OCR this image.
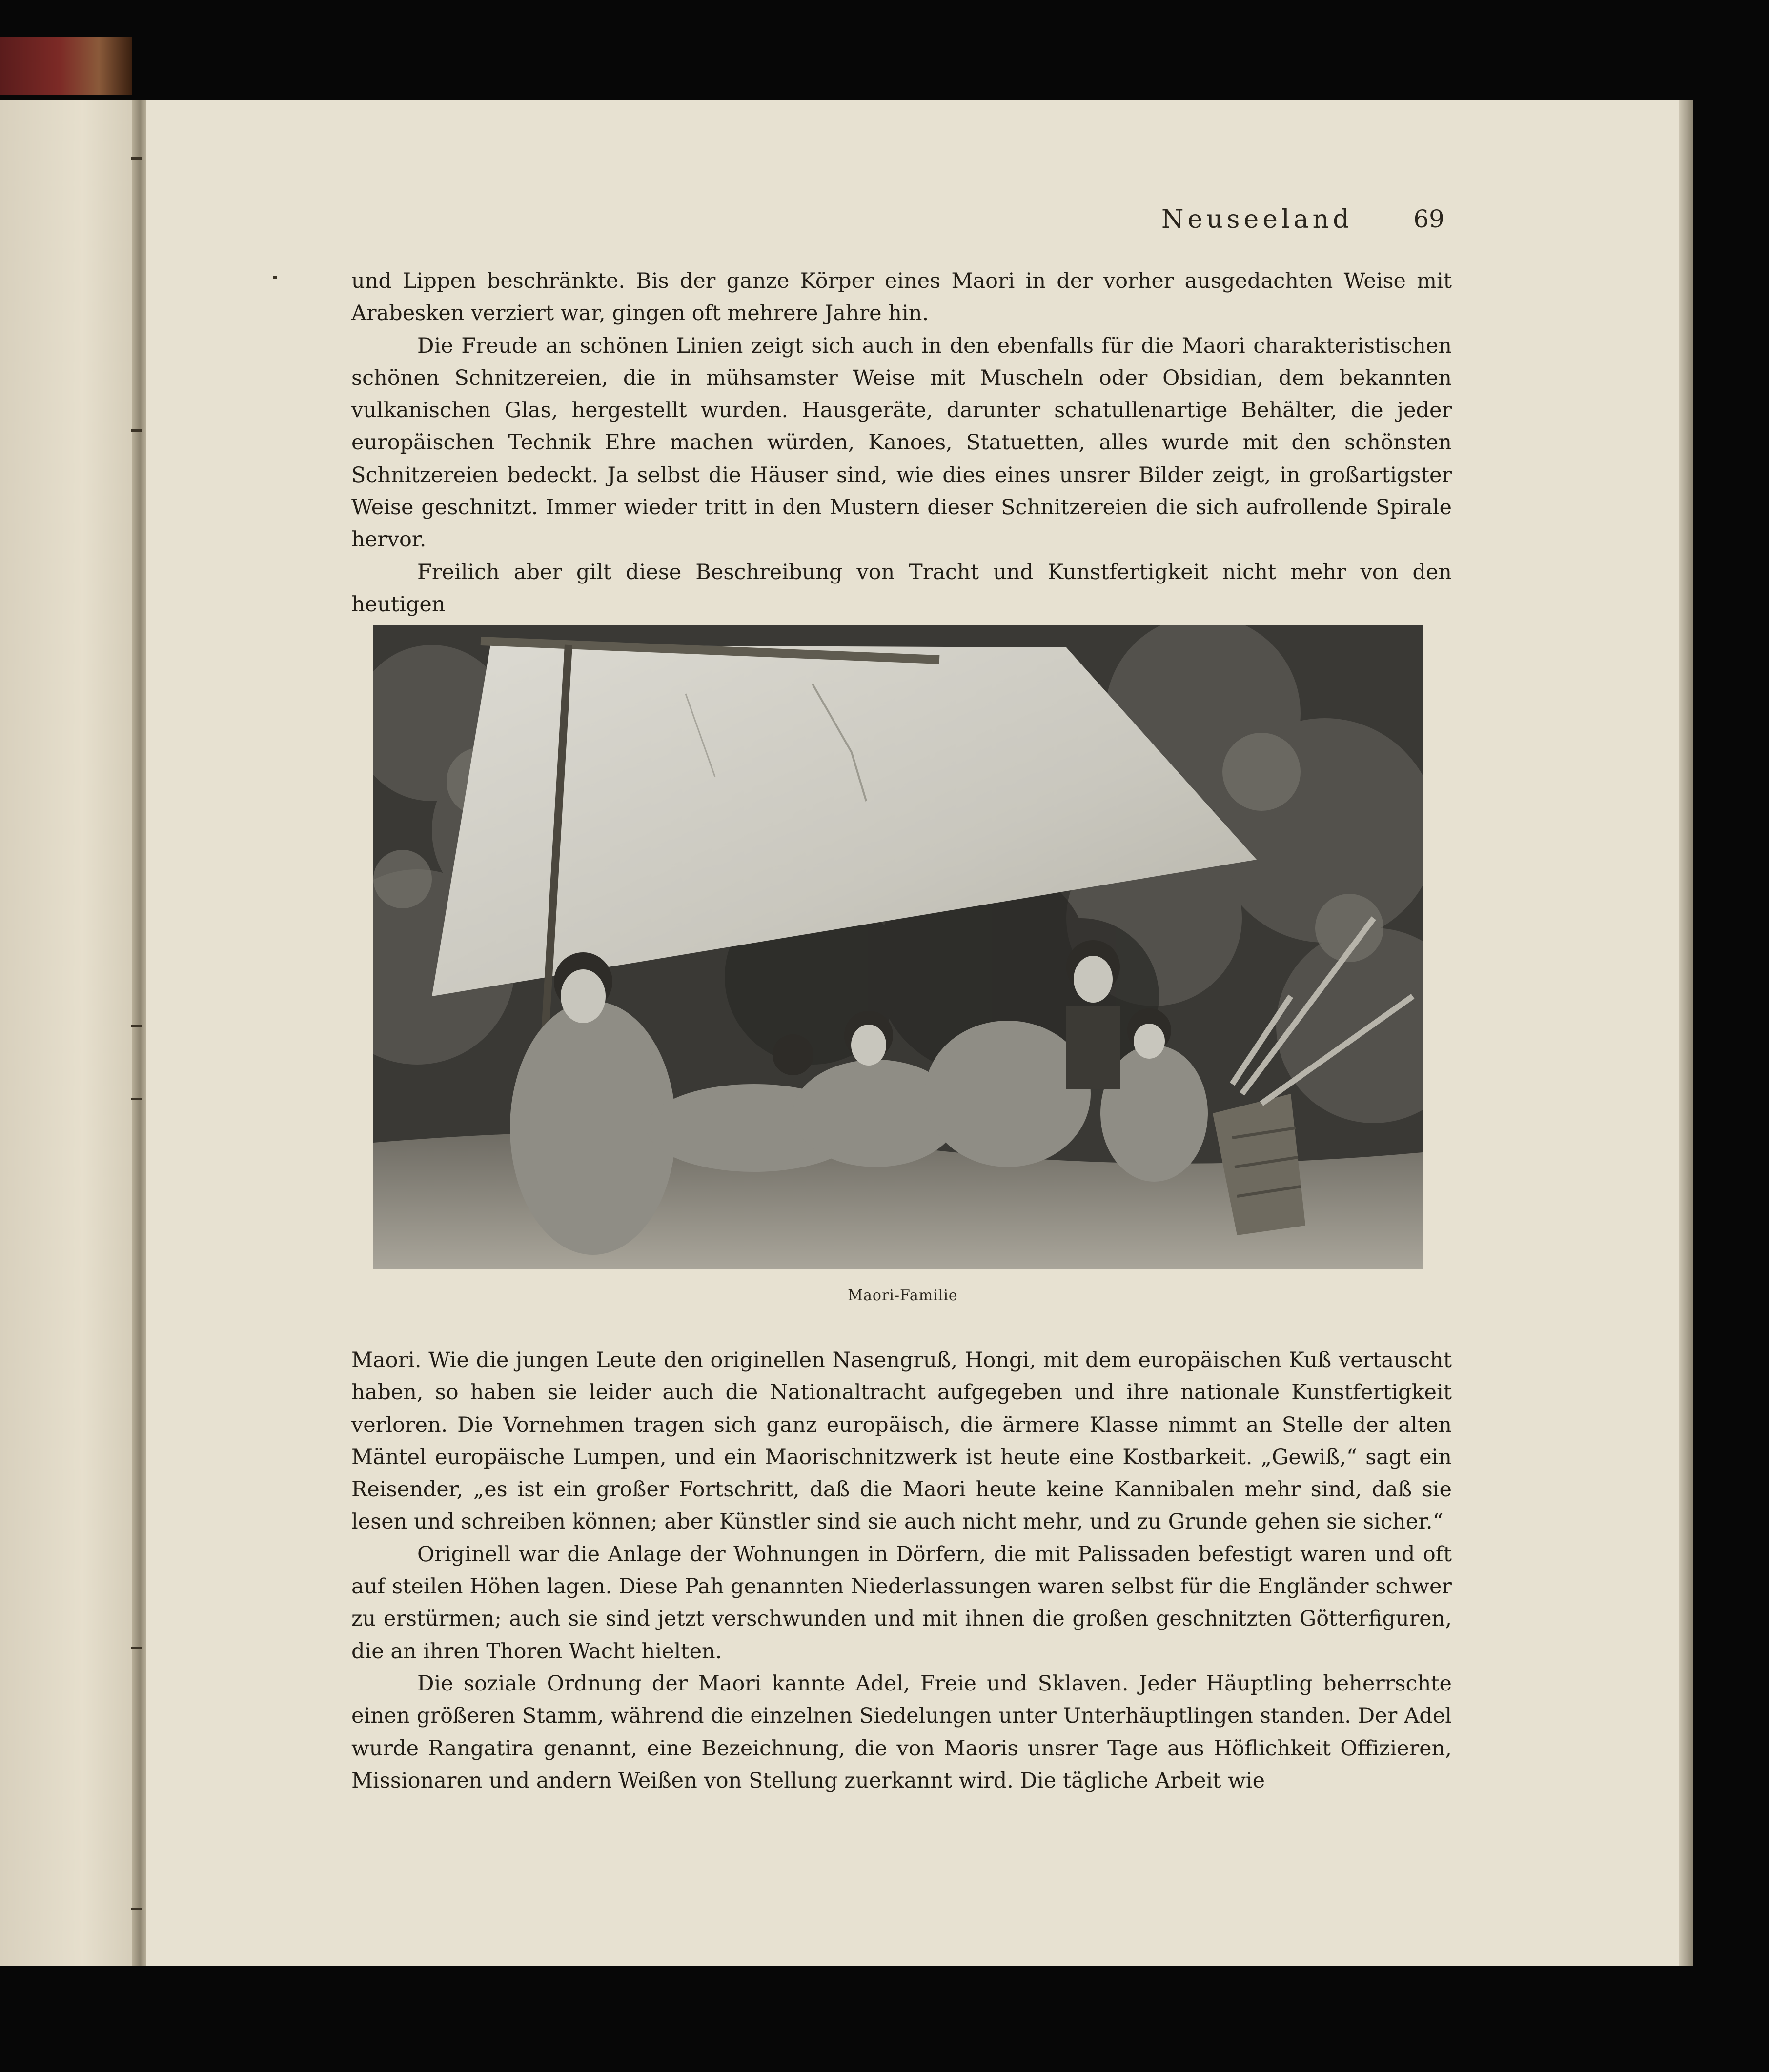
Neuseeland 69

und Lippen beschränkte. Bis der ganze Körper eines Maori in der vorher ausgedachten Weise mit Arabesken verziert war, gingen oft mehrere Jahre hin.

Die Freude an schönen Linien zeigt sich auch in den ebenfalls für die Maori charakteristischen schönen Schnitzereien, die in mühsamster Weise mit Muscheln oder Obsidian, dem bekannten vulkanischen Glas, hergestellt wurden. Hausgeräte, darunter schatullenartige Behälter, die jeder europäischen Technik Ehre machen würden, Kanoes, Statuetten, alles wurde mit den schönsten Schnitzereien bedeckt. Ja selbst die Häuser sind, wie dies eines unsrer Bilder zeigt, in großartigster Weise geschnitzt. Immer wieder tritt in den Mustern dieser Schnitzereien die sich aufrollende Spirale hervor.

Freilich aber gilt diese Beschreibung von Tracht und Kunstfertigkeit nicht mehr von den heutigen

Maori-Familie

Maori. Wie die jungen Leute den originellen Nasengruß, Hongi, mit dem europäischen Kuß vertauscht haben, so haben sie leider auch die Nationaltracht aufgegeben und ihre nationale Kunstfertigkeit verloren. Die Vornehmen tragen sich ganz europäisch, die ärmere Klasse nimmt an Stelle der alten Mäntel europäische Lumpen, und ein Maorischnitzwerk ist heute eine Kostbarkeit. „Gewiß,“ sagt ein Reisender, „es ist ein großer Fortschritt, daß die Maori heute keine Kannibalen mehr sind, daß sie lesen und schreiben können; aber Künstler sind sie auch nicht mehr, und zu Grunde gehen sie sicher.“

Originell war die Anlage der Wohnungen in Dörfern, die mit Palissaden befestigt waren und oft auf steilen Höhen lagen. Diese Pah genannten Niederlassungen waren selbst für die Engländer schwer zu erstürmen; auch sie sind jetzt verschwunden und mit ihnen die großen geschnitzten Götterfiguren, die an ihren Thoren Wacht hielten.

Die soziale Ordnung der Maori kannte Adel, Freie und Sklaven. Jeder Häuptling beherrschte einen größeren Stamm, während die einzelnen Siedelungen unter Unterhäuptlingen standen. Der Adel wurde Rangatira genannt, eine Bezeichnung, die von Maoris unsrer Tage aus Höflichkeit Offizieren, Missionaren und andern Weißen von Stellung zuerkannt wird. Die tägliche Arbeit wie
